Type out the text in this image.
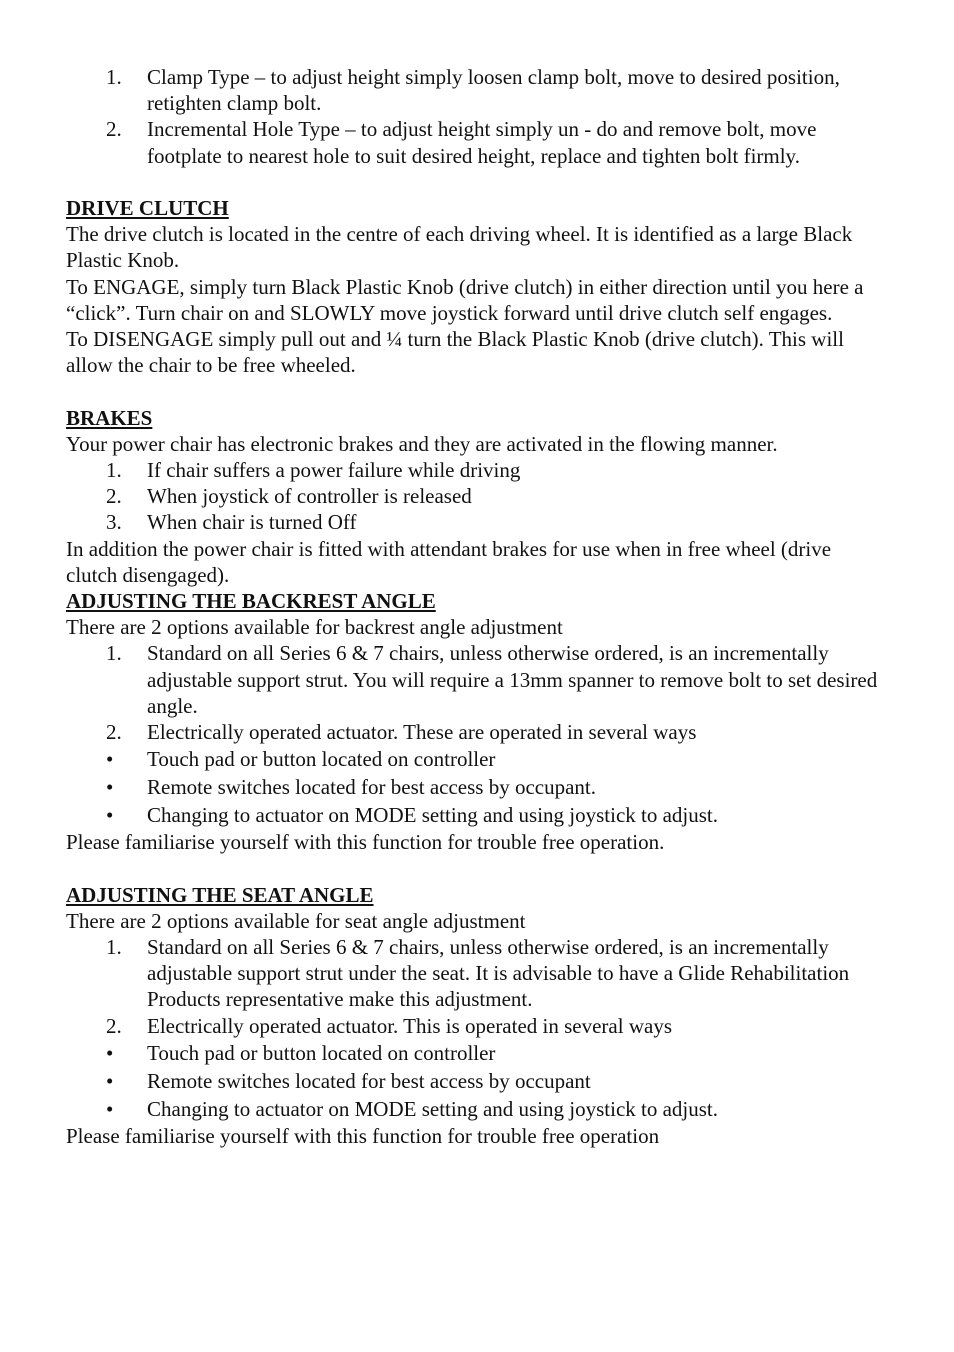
1.	Clamp Type – to adjust height simply loosen clamp bolt, move to desired position, retighten clamp bolt.
2.	Incremental Hole Type – to adjust height simply un - do and remove bolt, move footplate to nearest hole to suit desired height, replace and tighten bolt firmly.

DRIVE CLUTCH

The drive clutch is located in the centre of each driving wheel. It is identified as a large Black Plastic Knob.

To ENGAGE, simply turn Black Plastic Knob (drive clutch) in either direction until you here a “click”. Turn chair on and SLOWLY move joystick forward until drive clutch self engages.

To DISENGAGE simply pull out and ¼ turn the Black Plastic Knob (drive clutch). This will allow the chair to be free wheeled.

BRAKES

Your power chair has electronic brakes and they are activated in the flowing manner.

1.	If chair suffers a power failure while driving
2.	When joystick of controller is released
3.	When chair is turned Off

In addition the power chair is fitted with attendant brakes for use when in free wheel (drive clutch disengaged).

ADJUSTING THE BACKREST ANGLE

There are 2 options available for backrest angle adjustment

1.	Standard on all Series 6 & 7 chairs, unless otherwise ordered, is an incrementally adjustable support strut. You will require a 13mm spanner to remove bolt to set desired angle.
2.	Electrically operated actuator. These are operated in several ways
• Touch pad or button located on controller
• Remote switches located for best access by occupant.
• Changing to actuator on MODE setting and using joystick to adjust.

Please familiarise yourself with this function for trouble free operation.

ADJUSTING THE SEAT ANGLE

There are 2 options available for seat angle adjustment

1.	Standard on all Series 6 & 7 chairs, unless otherwise ordered, is an incrementally adjustable support strut under the seat. It is advisable to have a Glide Rehabilitation Products representative make this adjustment.
2.	Electrically operated actuator. This is operated in several ways
• Touch pad or button located on controller
• Remote switches located for best access by occupant
• Changing to actuator on MODE setting and using joystick to adjust.

Please familiarise yourself with this function for trouble free operation
